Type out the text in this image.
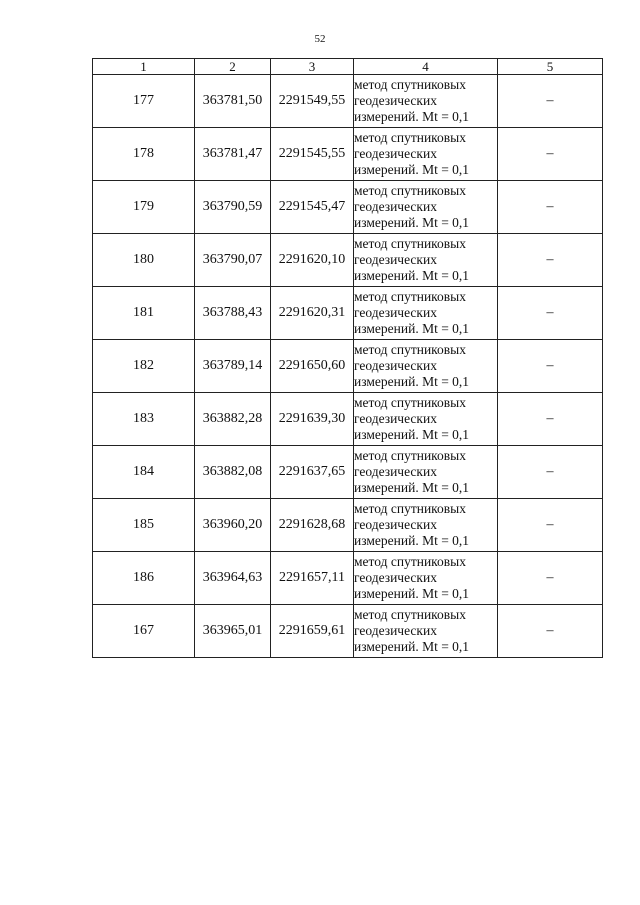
52
1	2	3	4	5
177	363781,50	2291549,55	метод спутниковых
геодезических
измерений. Mt = 0,1	–
178	363781,47	2291545,55	метод спутниковых
геодезических
измерений. Mt = 0,1	–
179	363790,59	2291545,47	метод спутниковых
геодезических
измерений. Mt = 0,1	–
180	363790,07	2291620,10	метод спутниковых
геодезических
измерений. Mt = 0,1	–
181	363788,43	2291620,31	метод спутниковых
геодезических
измерений. Mt = 0,1	–
182	363789,14	2291650,60	метод спутниковых
геодезических
измерений. Mt = 0,1	–
183	363882,28	2291639,30	метод спутниковых
геодезических
измерений. Mt = 0,1	–
184	363882,08	2291637,65	метод спутниковых
геодезических
измерений. Mt = 0,1	–
185	363960,20	2291628,68	метод спутниковых
геодезических
измерений. Mt = 0,1	–
186	363964,63	2291657,11	метод спутниковых
геодезических
измерений. Mt = 0,1	–
167	363965,01	2291659,61	метод спутниковых
геодезических
измерений. Mt = 0,1	–
